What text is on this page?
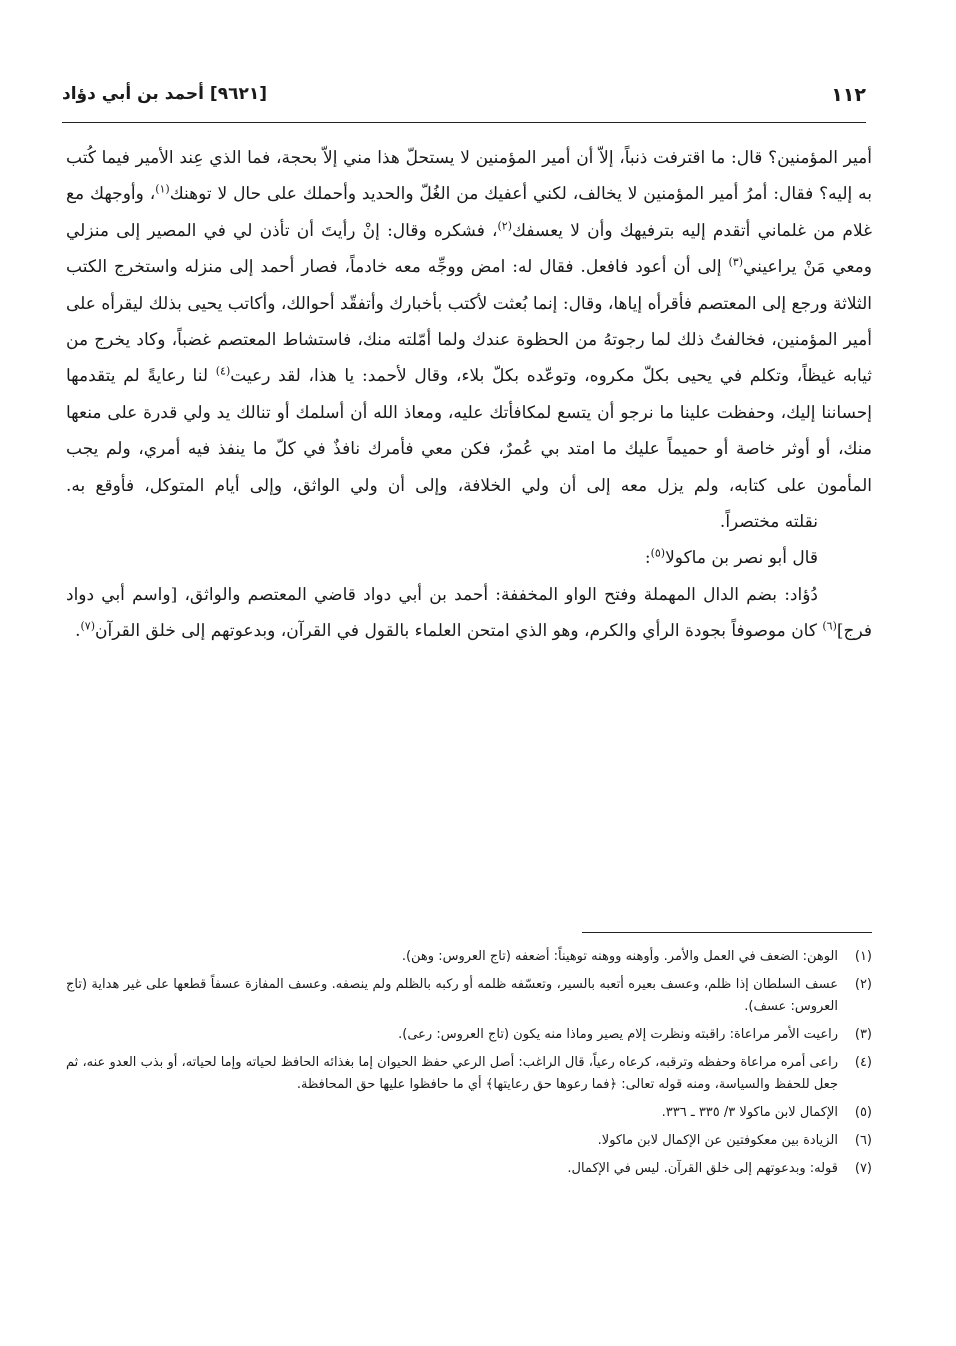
١١٢
[٩٦٢١] أحمد بن أبي دؤاد

أمير المؤمنين؟ قال: ما اقترفت ذنباً، إلاّ أن أمير المؤمنين لا يستحلّ هذا مني إلاّ بحجة، فما الذي عِند الأمير فيما كُتب به إليه؟ فقال: أمرُ أمير المؤمنين لا يخالف، لكني أعفيك من الغُلّ والحديد وأحملك على حال لا توهنك$^{(١)}$، وأوجهك مع غلام من غلماني أتقدم إليه بترفيهك وأن لا يعسفك$^{(٢)}$، فشكره وقال: إنْ رأيتَ أن تأذن لي في المصير إلى منزلي ومعي مَنْ يراعيني$^{(٣)}$ إلى أن أعود فافعل. فقال له: امض ووجِّه معه خادماً، فصار أحمد إلى منزله واستخرج الكتب الثلاثة ورجع إلى المعتصم فأقرأه إياها، وقال: إنما بُعثت لأكتب بأخبارك وأتفقّد أحوالك، وأكاتب يحيى بذلك ليقرأه على أمير المؤمنين، فخالفتُ ذلك لما رجوتهُ من الحظوة عندك ولما أمّلته منك، فاستشاط المعتصم غضباً، وكاد يخرج من ثيابه غيظاً، وتكلم في يحيى بكلّ مكروه، وتوعّده بكلّ بلاء، وقال لأحمد: يا هذا، لقد رعيت$^{(٤)}$ لنا رعايةً لم يتقدمها إحساننا إليك، وحفظت علينا ما نرجو أن يتسع لمكافأتك عليه، ومعاذ الله أن أسلمك أو تنالك يد ولي قدرة على منعها منك، أو أوثر خاصة أو حميماً عليك ما امتد بي عُمرٌ، فكن معي فأمرك نافذٌ في كلّ ما ينفذ فيه أمري، ولم يجب المأمون على كتابه، ولم يزل معه إلى أن ولي الخلافة، وإلى أن ولي الواثق، وإلى أيام المتوكل، فأوقع به.

نقلته مختصراً.

قال أبو نصر بن ماكولا$^{(٥)}$:

دُؤاد: بضم الدال المهملة وفتح الواو المخففة: أحمد بن أبي دواد قاضي المعتصم والواثق، [واسم أبي دواد فرج]$^{(٦)}$ كان موصوفاً بجودة الرأي والكرم، وهو الذي امتحن العلماء بالقول في القرآن، وبدعوتهم إلى خلق القرآن$^{(٧)}$.

(١)
الوهن: الضعف في العمل والأمر. وأوهنه ووهنه توهيناً: أضعفه (تاج العروس: وهن).
(٢)
عسف السلطان إذا ظلم، وعسف بعيره أتعبه بالسير، وتعسّفه ظلمه أو ركبه بالظلم ولم ينصفه. وعسف المفازة عسفاً قطعها على غير هداية (تاج العروس: عسف).
(٣)
راعيت الأمر مراعاة: راقبته ونظرت إلام يصير وماذا منه يكون (تاج العروس: رعى).
(٤)
راعى أمره مراعاة وحفظه وترقبه، كرعاه رعياً، قال الراغب: أصل الرعي حفظ الحيوان إما بغذائه الحافظ لحياته وإما لحياته، أو بذب العدو عنه، ثم جعل للحفظ والسياسة، ومنه قوله تعالى: ﴿فما رعوها حق رعايتها﴾ أي ما حافظوا عليها حق المحافظة.
(٥)
الإكمال لابن ماكولا ٣/ ٣٣٥ ـ ٣٣٦.
(٦)
الزيادة بين معكوفتين عن الإكمال لابن ماكولا.
(٧)
قوله: وبدعوتهم إلى خلق القرآن. ليس في الإكمال.
